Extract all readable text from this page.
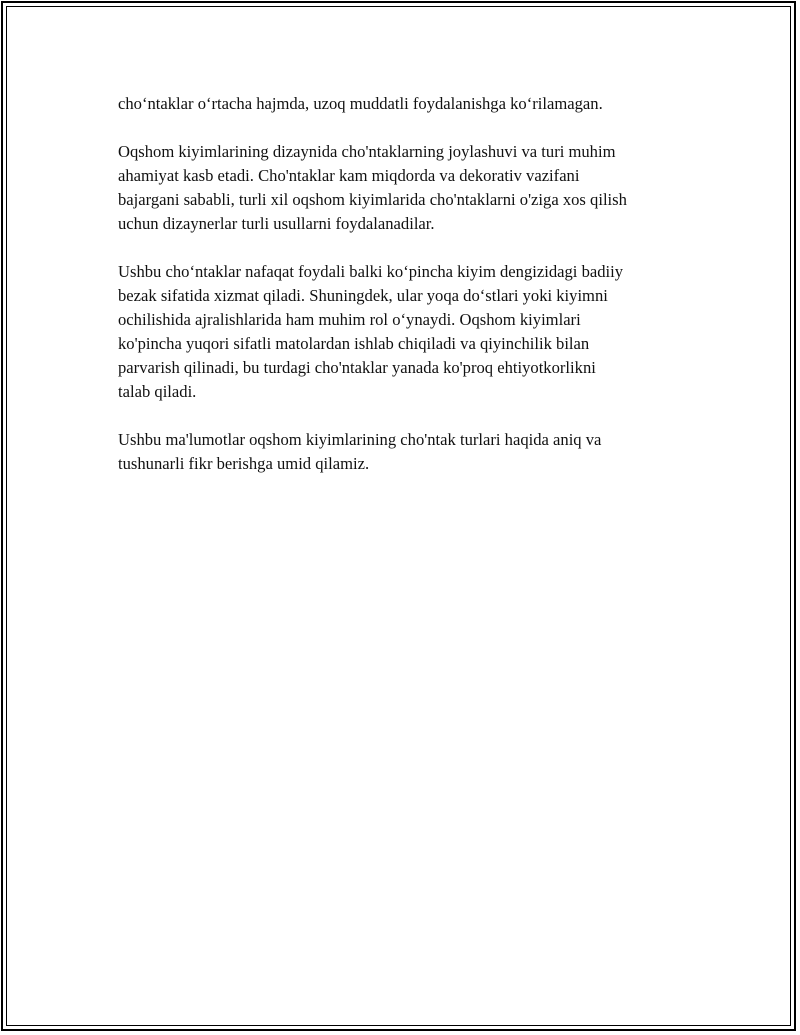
cho‘ntaklar o‘rtacha hajmda, uzoq muddatli foydalanishga ko‘rilamagan.

Oqshom kiyimlarining dizaynida cho'ntaklarning joylashuvi va turi muhim
ahamiyat kasb etadi. Cho'ntaklar kam miqdorda va dekorativ vazifani
bajargani sababli, turli xil oqshom kiyimlarida cho'ntaklarni o'ziga xos qilish
uchun dizaynerlar turli usullarni foydalanadilar.

Ushbu cho‘ntaklar nafaqat foydali balki ko‘pincha kiyim dengizidagi badiiy
bezak sifatida xizmat qiladi. Shuningdek, ular yoqa do‘stlari yoki kiyimni
ochilishida ajralishlarida ham muhim rol o‘ynaydi. Oqshom kiyimlari
ko'pincha yuqori sifatli matolardan ishlab chiqiladi va qiyinchilik bilan
parvarish qilinadi, bu turdagi cho'ntaklar yanada ko'proq ehtiyotkorlikni
talab qiladi.

Ushbu ma'lumotlar oqshom kiyimlarining cho'ntak turlari haqida aniq va
tushunarli fikr berishga umid qilamiz.
